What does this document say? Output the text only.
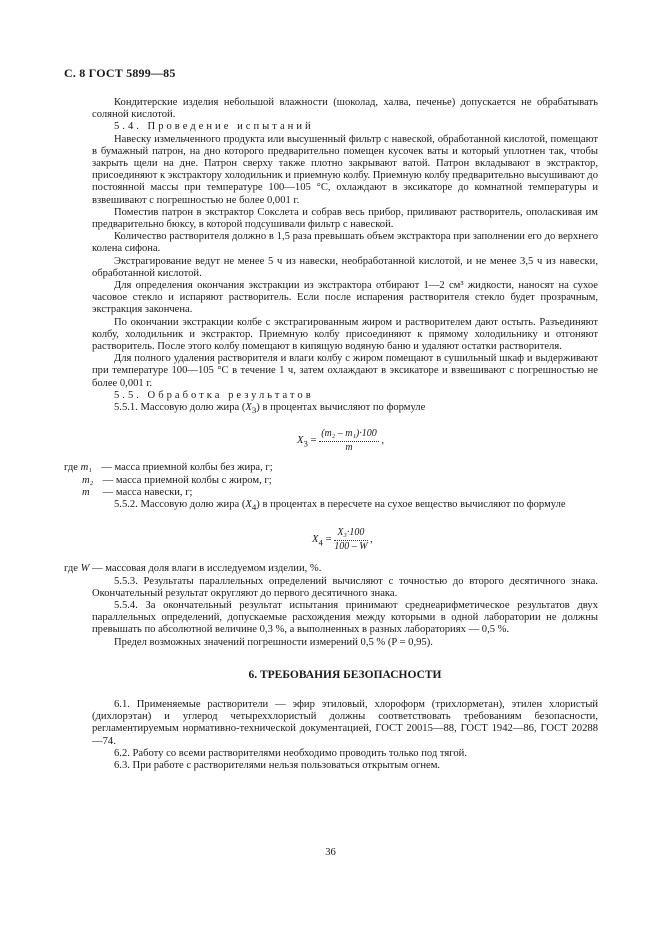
С. 8 ГОСТ 5899—85

Кондитерские изделия небольшой влажности (шоколад, халва, печенье) допускается не обрабатывать соляной кислотой.

5.4. Проведение испытаний

Навеску измельченного продукта или высушенный фильтр с навеской, обработанной кислотой, помещают в бумажный патрон, на дно которого предварительно помещен кусочек ваты и который уплотнен так, чтобы закрыть щели на дне. Патрон сверху также плотно закрывают ватой. Патрон вкладывают в экстрактор, присоединяют к экстрактору холодильник и приемную колбу. Приемную колбу предварительно высушивают до постоянной массы при температуре 100—105 °С, охлаждают в эксикаторе до комнатной температуры и взвешивают с погрешностью не более 0,001 г.

Поместив патрон в экстрактор Сокслета и собрав весь прибор, приливают растворитель, ополаскивая им предварительно бюксу, в которой подсушивали фильтр с навеской.

Количество растворителя должно в 1,5 раза превышать объем экстрактора при заполнении его до верхнего колена сифона.

Экстрагирование ведут не менее 5 ч из навески, необработанной кислотой, и не менее 3,5 ч из навески, обработанной кислотой.

Для определения окончания экстракции из экстрактора отбирают 1—2 см³ жидкости, наносят на сухое часовое стекло и испаряют растворитель. Если после испарения растворителя стекло будет прозрачным, экстракция закончена.

По окончании экстракции колбе с экстрагированным жиром и растворителем дают остыть. Разъединяют колбу, холодильник и экстрактор. Приемную колбу присоединяют к прямому холодильнику и отгоняют растворитель. После этого колбу помещают в кипящую водяную баню и удаляют остатки растворителя.

Для полного удаления растворителя и влаги колбу с жиром помещают в сушильный шкаф и выдерживают при температуре 100—105 °С в течение 1 ч, затем охлаждают в эксикаторе и взвешивают с погрешностью не более 0,001 г.

5.5. Обработка результатов

5.5.1. Массовую долю жира $(X_3)$ в процентах вычисляют по формуле

$X_3 = \frac{\text{(m₂ – m₁)·100}}{m}$ ,
где m₁ — масса приемной колбы без жира, г;
m₂ — масса приемной колбы с жиром, г;
m — масса навески, г;

5.5.2. Массовую долю жира $(X_4)$ в процентах в пересчете на сухое вещество вычисляют по формуле

$X_4 = \frac{\text{X₃·100}}{100 - W}$ ,
где W — массовая доля влаги в исследуемом изделии, %.

5.5.3. Результаты параллельных определений вычисляют с точностью до второго десятичного знака. Окончательный результат округляют до первого десятичного знака.

5.5.4. За окончательный результат испытания принимают среднеарифметическое результатов двух параллельных определений, допускаемые расхождения между которыми в одной лаборатории не должны превышать по абсолютной величине 0,3 %, а выполненных в разных лабораториях — 0,5 %.

Предел возможных значений погрешности измерений 0,5 % (P = 0,95).

6. ТРЕБОВАНИЯ БЕЗОПАСНОСТИ

6.1. Применяемые растворители — эфир этиловый, хлороформ (трихлорметан), этилен хлористый (дихлорэтан) и углерод четыреххлористый должны соответствовать требованиям безопасности, регламентируемым нормативно-технической документацией, ГОСТ 20015—88, ГОСТ 1942—86, ГОСТ 20288—74.

6.2. Работу со всеми растворителями необходимо проводить только под тягой.

6.3. При работе с растворителями нельзя пользоваться открытым огнем.

36
